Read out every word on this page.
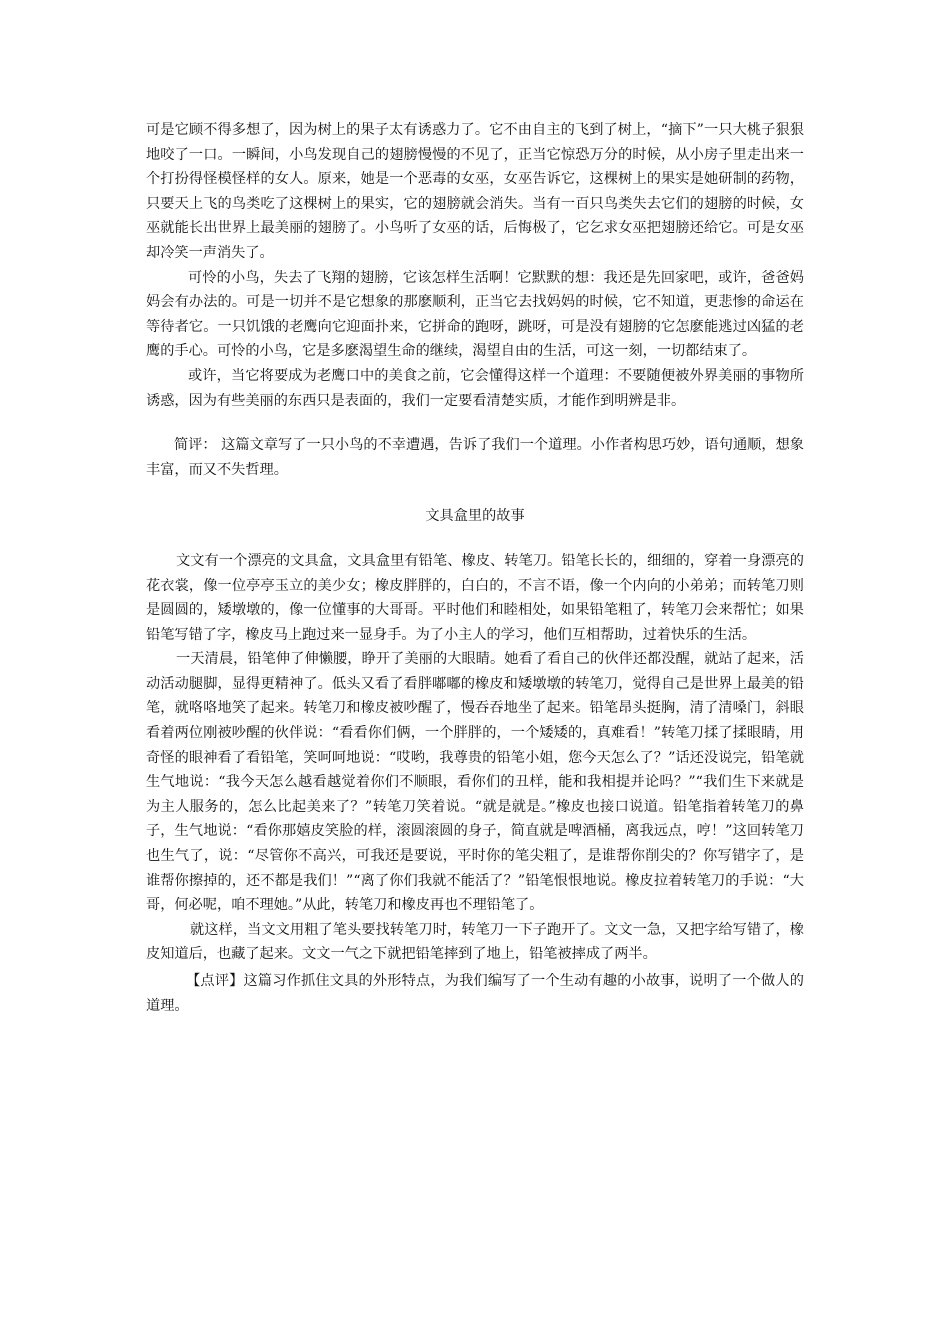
可是它顾不得多想了，因为树上的果子太有诱惑力了。它不由自主的飞到了树上，“摘下”一只大桃子狠狠地咬了一口。一瞬间，小鸟发现自己的翅膀慢慢的不见了，正当它惊恐万分的时候，从小房子里走出来一个打扮得怪模怪样的女人。原来，她是一个恶毒的女巫，女巫告诉它，这棵树上的果实是她研制的药物，只要天上飞的鸟类吃了这棵树上的果实，它的翅膀就会消失。当有一百只鸟类失去它们的翅膀的时候，女巫就能长出世界上最美丽的翅膀了。小鸟听了女巫的话，后悔极了，它乞求女巫把翅膀还给它。可是女巫却冷笑一声消失了。

可怜的小鸟，失去了飞翔的翅膀，它该怎样生活啊！它默默的想：我还是先回家吧，或许，爸爸妈妈会有办法的。可是一切并不是它想象的那麽顺利，正当它去找妈妈的时候，它不知道，更悲惨的命运在等待者它。一只饥饿的老鹰向它迎面扑来，它拼命的跑呀，跳呀，可是没有翅膀的它怎麽能逃过凶猛的老鹰的手心。可怜的小鸟，它是多麽渴望生命的继续，渴望自由的生活，可这一刻，一切都结束了。

或许，当它将要成为老鹰口中的美食之前，它会懂得这样一个道理：不要随便被外界美丽的事物所诱惑，因为有些美丽的东西只是表面的，我们一定要看清楚实质，才能作到明辨是非。

简评： 这篇文章写了一只小鸟的不幸遭遇，告诉了我们一个道理。小作者构思巧妙，语句通顺，想象丰富，而又不失哲理。

文具盒里的故事

文文有一个漂亮的文具盒，文具盒里有铅笔、橡皮、转笔刀。铅笔长长的，细细的，穿着一身漂亮的花衣裳，像一位亭亭玉立的美少女；橡皮胖胖的，白白的，不言不语，像一个内向的小弟弟；而转笔刀则是圆圆的，矮墩墩的，像一位懂事的大哥哥。平时他们和睦相处，如果铅笔粗了，转笔刀会来帮忙；如果铅笔写错了字，橡皮马上跑过来一显身手。为了小主人的学习，他们互相帮助，过着快乐的生活。

一天清晨，铅笔伸了伸懒腰，睁开了美丽的大眼睛。她看了看自己的伙伴还都没醒，就站了起来，活动活动腿脚，显得更精神了。低头又看了看胖嘟嘟的橡皮和矮墩墩的转笔刀，觉得自己是世界上最美的铅笔，就咯咯地笑了起来。转笔刀和橡皮被吵醒了，慢吞吞地坐了起来。铅笔昂头挺胸，清了清嗓门，斜眼看着两位刚被吵醒的伙伴说：“看看你们俩，一个胖胖的，一个矮矮的，真难看！”转笔刀揉了揉眼睛，用奇怪的眼神看了看铅笔，笑呵呵地说：“哎哟，我尊贵的铅笔小姐，您今天怎么了？”话还没说完，铅笔就生气地说：“我今天怎么越看越觉着你们不顺眼，看你们的丑样，能和我相提并论吗？”“我们生下来就是为主人服务的，怎么比起美来了？”转笔刀笑着说。“就是就是。”橡皮也接口说道。铅笔指着转笔刀的鼻子，生气地说：“看你那嬉皮笑脸的样，滚圆滚圆的身子，简直就是啤酒桶，离我远点，哼！”这回转笔刀也生气了，说：“尽管你不高兴，可我还是要说，平时你的笔尖粗了，是谁帮你削尖的？你写错字了，是谁帮你擦掉的，还不都是我们！”“离了你们我就不能活了？”铅笔恨恨地说。橡皮拉着转笔刀的手说：“大哥，何必呢，咱不理她。”从此，转笔刀和橡皮再也不理铅笔了。

就这样，当文文用粗了笔头要找转笔刀时，转笔刀一下子跑开了。文文一急，又把字给写错了，橡皮知道后，也藏了起来。文文一气之下就把铅笔摔到了地上，铅笔被摔成了两半。

【点评】这篇习作抓住文具的外形特点，为我们编写了一个生动有趣的小故事，说明了一个做人的道理。
